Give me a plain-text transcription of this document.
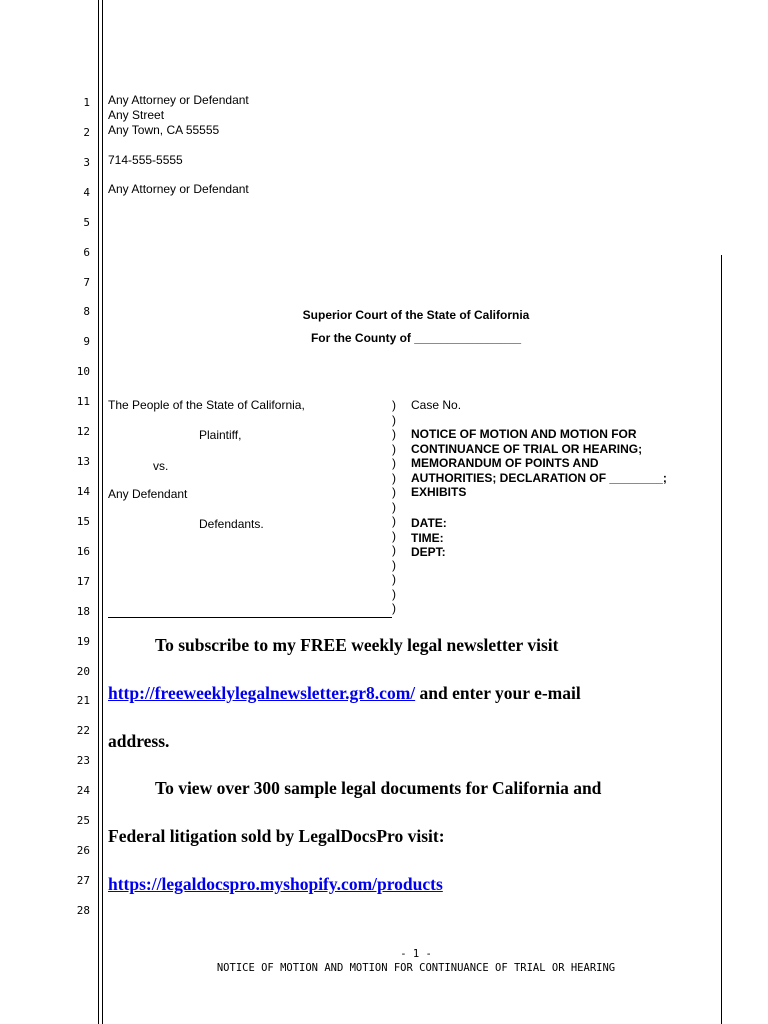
1
2
3
4
5
6
7
8
9
10
11
12
13
14
15
16
17
18
19
20
21
22
23
24
25
26
27
28
Any Attorney or Defendant
Any Street
Any Town, CA 55555
714-555-5555
Any Attorney or Defendant
Superior Court of the State of California
For the County of ________________
The People of the State of California,
Plaintiff,
vs.
Any Defendant
Defendants.
)
)
)
)
)
)
)
)
)
)
)
)
)
)
)
Case No.
NOTICE OF MOTION AND MOTION FOR
CONTINUANCE OF TRIAL OR HEARING;
MEMORANDUM OF POINTS AND
AUTHORITIES; DECLARATION OF ________;
EXHIBITS
DATE:
TIME:
DEPT:
To subscribe to my FREE weekly legal newsletter visit
http://freeweeklylegalnewsletter.gr8.com/ and enter your e-mail
address.
To view over 300 sample legal documents for California and
Federal litigation sold by LegalDocsPro visit:
https://legaldocspro.myshopify.com/products
- 1 -
NOTICE OF MOTION AND MOTION FOR CONTINUANCE OF TRIAL OR HEARING
